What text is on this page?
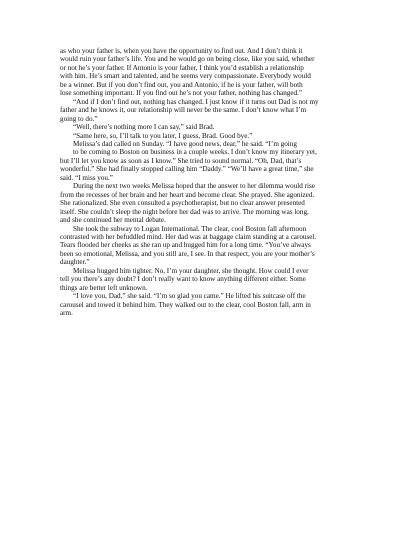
as who your father is, when you have the opportunity to find out. And I don’t think it
would ruin your father’s life. You and he would go on being close, like you said, whether
or not he’s your father. If Antonio is your father, I think you’d establish a relationship
with him. He’s smart and talented, and he seems very compassionate. Everybody would
be a winner. But if you don’t find out, you and Antonio, if he is your father, will both
lose something important. If you find out he’s not your father, nothing has changed.”
“And if I don’t find out, nothing has changed. I just know if it turns out Dad is not my
father and he knows it, our relationship will never be the same. I don’t know what I’m
going to do.”
“Well, there’s nothing more I can say,” said Brad.
“Same here, so, I’ll talk to you later, I guess, Brad. Good bye.”
Melissa’s dad called on Sunday. “I have good news, dear,” he said. “I’m going
to be coming to Boston on business in a couple weeks. I don’t know my itinerary yet,
but I’ll let you know as soon as I know.” She tried to sound normal. “Oh, Dad, that’s
wonderful.” She had finally stopped calling him “Daddy.” “We’ll have a great time,” she
said. “I miss you.”
During the next two weeks Melissa hoped that the answer to her dilemma would rise
from the recesses of her brain and her heart and become clear. She prayed. She agonized.
She rationalized. She even consulted a psychotherapist, but no clear answer presented
itself. She couldn’t sleep the night before her dad was to arrive. The morning was long,
and she continued her mental debate.
She took the subway to Logan International. The clear, cool Boston fall afternoon
contrasted with her befuddled mind. Her dad was at baggage claim standing at a carousel.
Tears flooded her cheeks as she ran up and hugged him for a long time. “You’ve always
been so emotional, Melissa, and you still are, I see. In that respect, you are your mother’s
daughter.”
Melissa hugged him tighter. No, I’m your daughter, she thought. How could I ever
tell you there’s any doubt? I don’t really want to know anything different either. Some
things are better left unknown.
“I love you, Dad,” she said. “I’m so glad you came.” He lifted his suitcase off the
carousel and towed it behind him. They walked out to the clear, cool Boston fall, arm in
arm.
